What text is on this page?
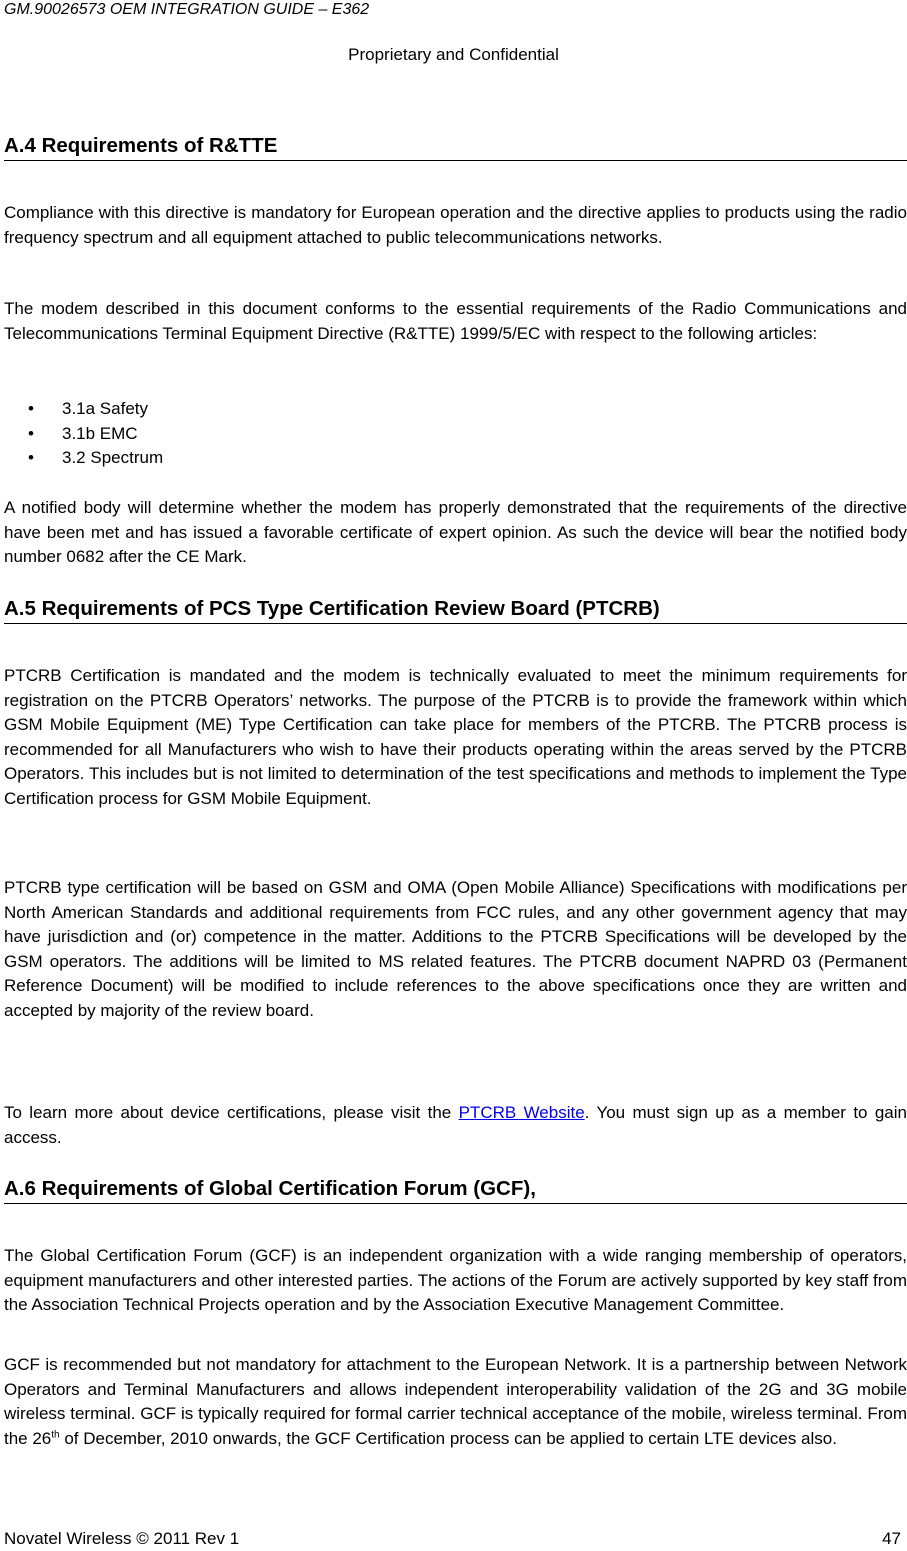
GM.90026573 OEM INTEGRATION GUIDE – E362
Proprietary and Confidential
A.4 Requirements of R&TTE
Compliance with this directive is mandatory for European operation and the directive applies to products using the radio frequency spectrum and all equipment attached to public telecommunications networks.
The modem described in this document conforms to the essential requirements of the Radio Communications and Telecommunications Terminal Equipment Directive (R&TTE) 1999/5/EC with respect to the following articles:
• 3.1a Safety
• 3.1b EMC
• 3.2 Spectrum
A notified body will determine whether the modem has properly demonstrated that the requirements of the directive have been met and has issued a favorable certificate of expert opinion. As such the device will bear the notified body number 0682 after the CE Mark.
A.5 Requirements of PCS Type Certification Review Board (PTCRB)
PTCRB Certification is mandated and the modem is technically evaluated to meet the minimum requirements for registration on the PTCRB Operators’ networks. The purpose of the PTCRB is to provide the framework within which GSM Mobile Equipment (ME) Type Certification can take place for members of the PTCRB. The PTCRB process is recommended for all Manufacturers who wish to have their products operating within the areas served by the PTCRB Operators. This includes but is not limited to determination of the test specifications and methods to implement the Type Certification process for GSM Mobile Equipment.
PTCRB type certification will be based on GSM and OMA (Open Mobile Alliance) Specifications with modifications per North American Standards and additional requirements from FCC rules, and any other government agency that may have jurisdiction and (or) competence in the matter. Additions to the PTCRB Specifications will be developed by the GSM operators. The additions will be limited to MS related features. The PTCRB document NAPRD 03 (Permanent Reference Document) will be modified to include references to the above specifications once they are written and accepted by majority of the review board.
To learn more about device certifications, please visit the PTCRB Website. You must sign up as a member to gain access.
A.6 Requirements of Global Certification Forum (GCF),
The Global Certification Forum (GCF) is an independent organization with a wide ranging membership of operators, equipment manufacturers and other interested parties. The actions of the Forum are actively supported by key staff from the Association Technical Projects operation and by the Association Executive Management Committee.
GCF is recommended but not mandatory for attachment to the European Network. It is a partnership between Network Operators and Terminal Manufacturers and allows independent interoperability validation of the 2G and 3G mobile wireless terminal. GCF is typically required for formal carrier technical acceptance of the mobile, wireless terminal. From the 26th of December, 2010 onwards, the GCF Certification process can be applied to certain LTE devices also.
Novatel Wireless © 2011 Rev 1	47
